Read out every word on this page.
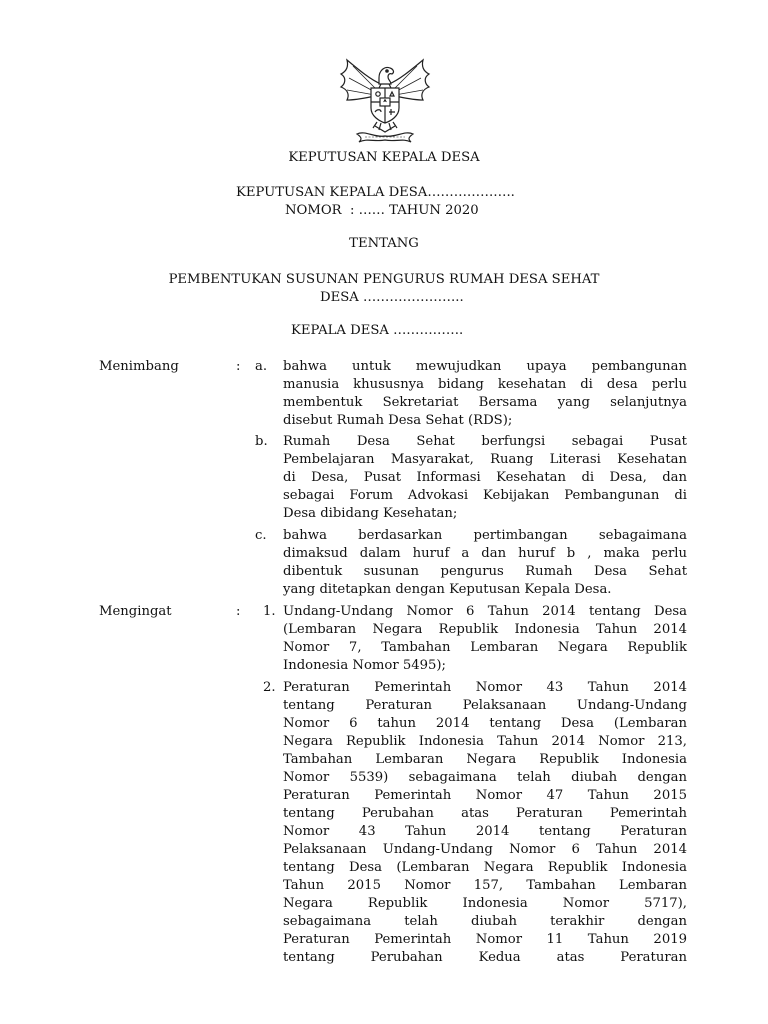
KEPUTUSAN KEPALA DESA
KEPUTUSAN KEPALA DESA………………..
NOMOR  : …… TAHUN 2020
TENTANG
PEMBENTUKAN SUSUNAN PENGURUS RUMAH DESA SEHAT
DESA …………………..
KEPALA DESA …………….
Menimbang	: a. bahwa untuk mewujudkan upaya pembangunan
manusia khususnya bidang kesehatan di desa perlu
membentuk Sekretariat Bersama yang selanjutnya
disebut Rumah Desa Sehat (RDS);
b. Rumah Desa Sehat berfungsi sebagai Pusat
Pembelajaran Masyarakat, Ruang Literasi Kesehatan
di Desa, Pusat Informasi Kesehatan di Desa, dan
sebagai Forum Advokasi Kebijakan Pembangunan di
Desa dibidang Kesehatan;
c. bahwa berdasarkan pertimbangan sebagaimana
dimaksud dalam huruf a dan huruf b , maka perlu
dibentuk susunan pengurus Rumah Desa Sehat
yang ditetapkan dengan Keputusan Kepala Desa.
Mengingat	: 1. Undang-Undang Nomor 6 Tahun 2014 tentang Desa
(Lembaran Negara Republik Indonesia Tahun 2014
Nomor 7, Tambahan Lembaran Negara Republik
Indonesia Nomor 5495);
2. Peraturan Pemerintah Nomor 43 Tahun 2014
tentang Peraturan Pelaksanaan Undang-Undang
Nomor 6 tahun 2014 tentang Desa (Lembaran
Negara Republik Indonesia Tahun 2014 Nomor 213,
Tambahan Lembaran Negara Republik Indonesia
Nomor 5539) sebagaimana telah diubah dengan
Peraturan Pemerintah Nomor 47 Tahun 2015
tentang Perubahan atas Peraturan Pemerintah
Nomor 43 Tahun 2014 tentang Peraturan
Pelaksanaan Undang-Undang Nomor 6 Tahun 2014
tentang Desa (Lembaran Negara Republik Indonesia
Tahun 2015 Nomor 157, Tambahan Lembaran
Negara Republik Indonesia Nomor 5717),
sebagaimana telah diubah terakhir dengan
Peraturan Pemerintah Nomor 11 Tahun 2019
tentang Perubahan Kedua atas Peraturan
